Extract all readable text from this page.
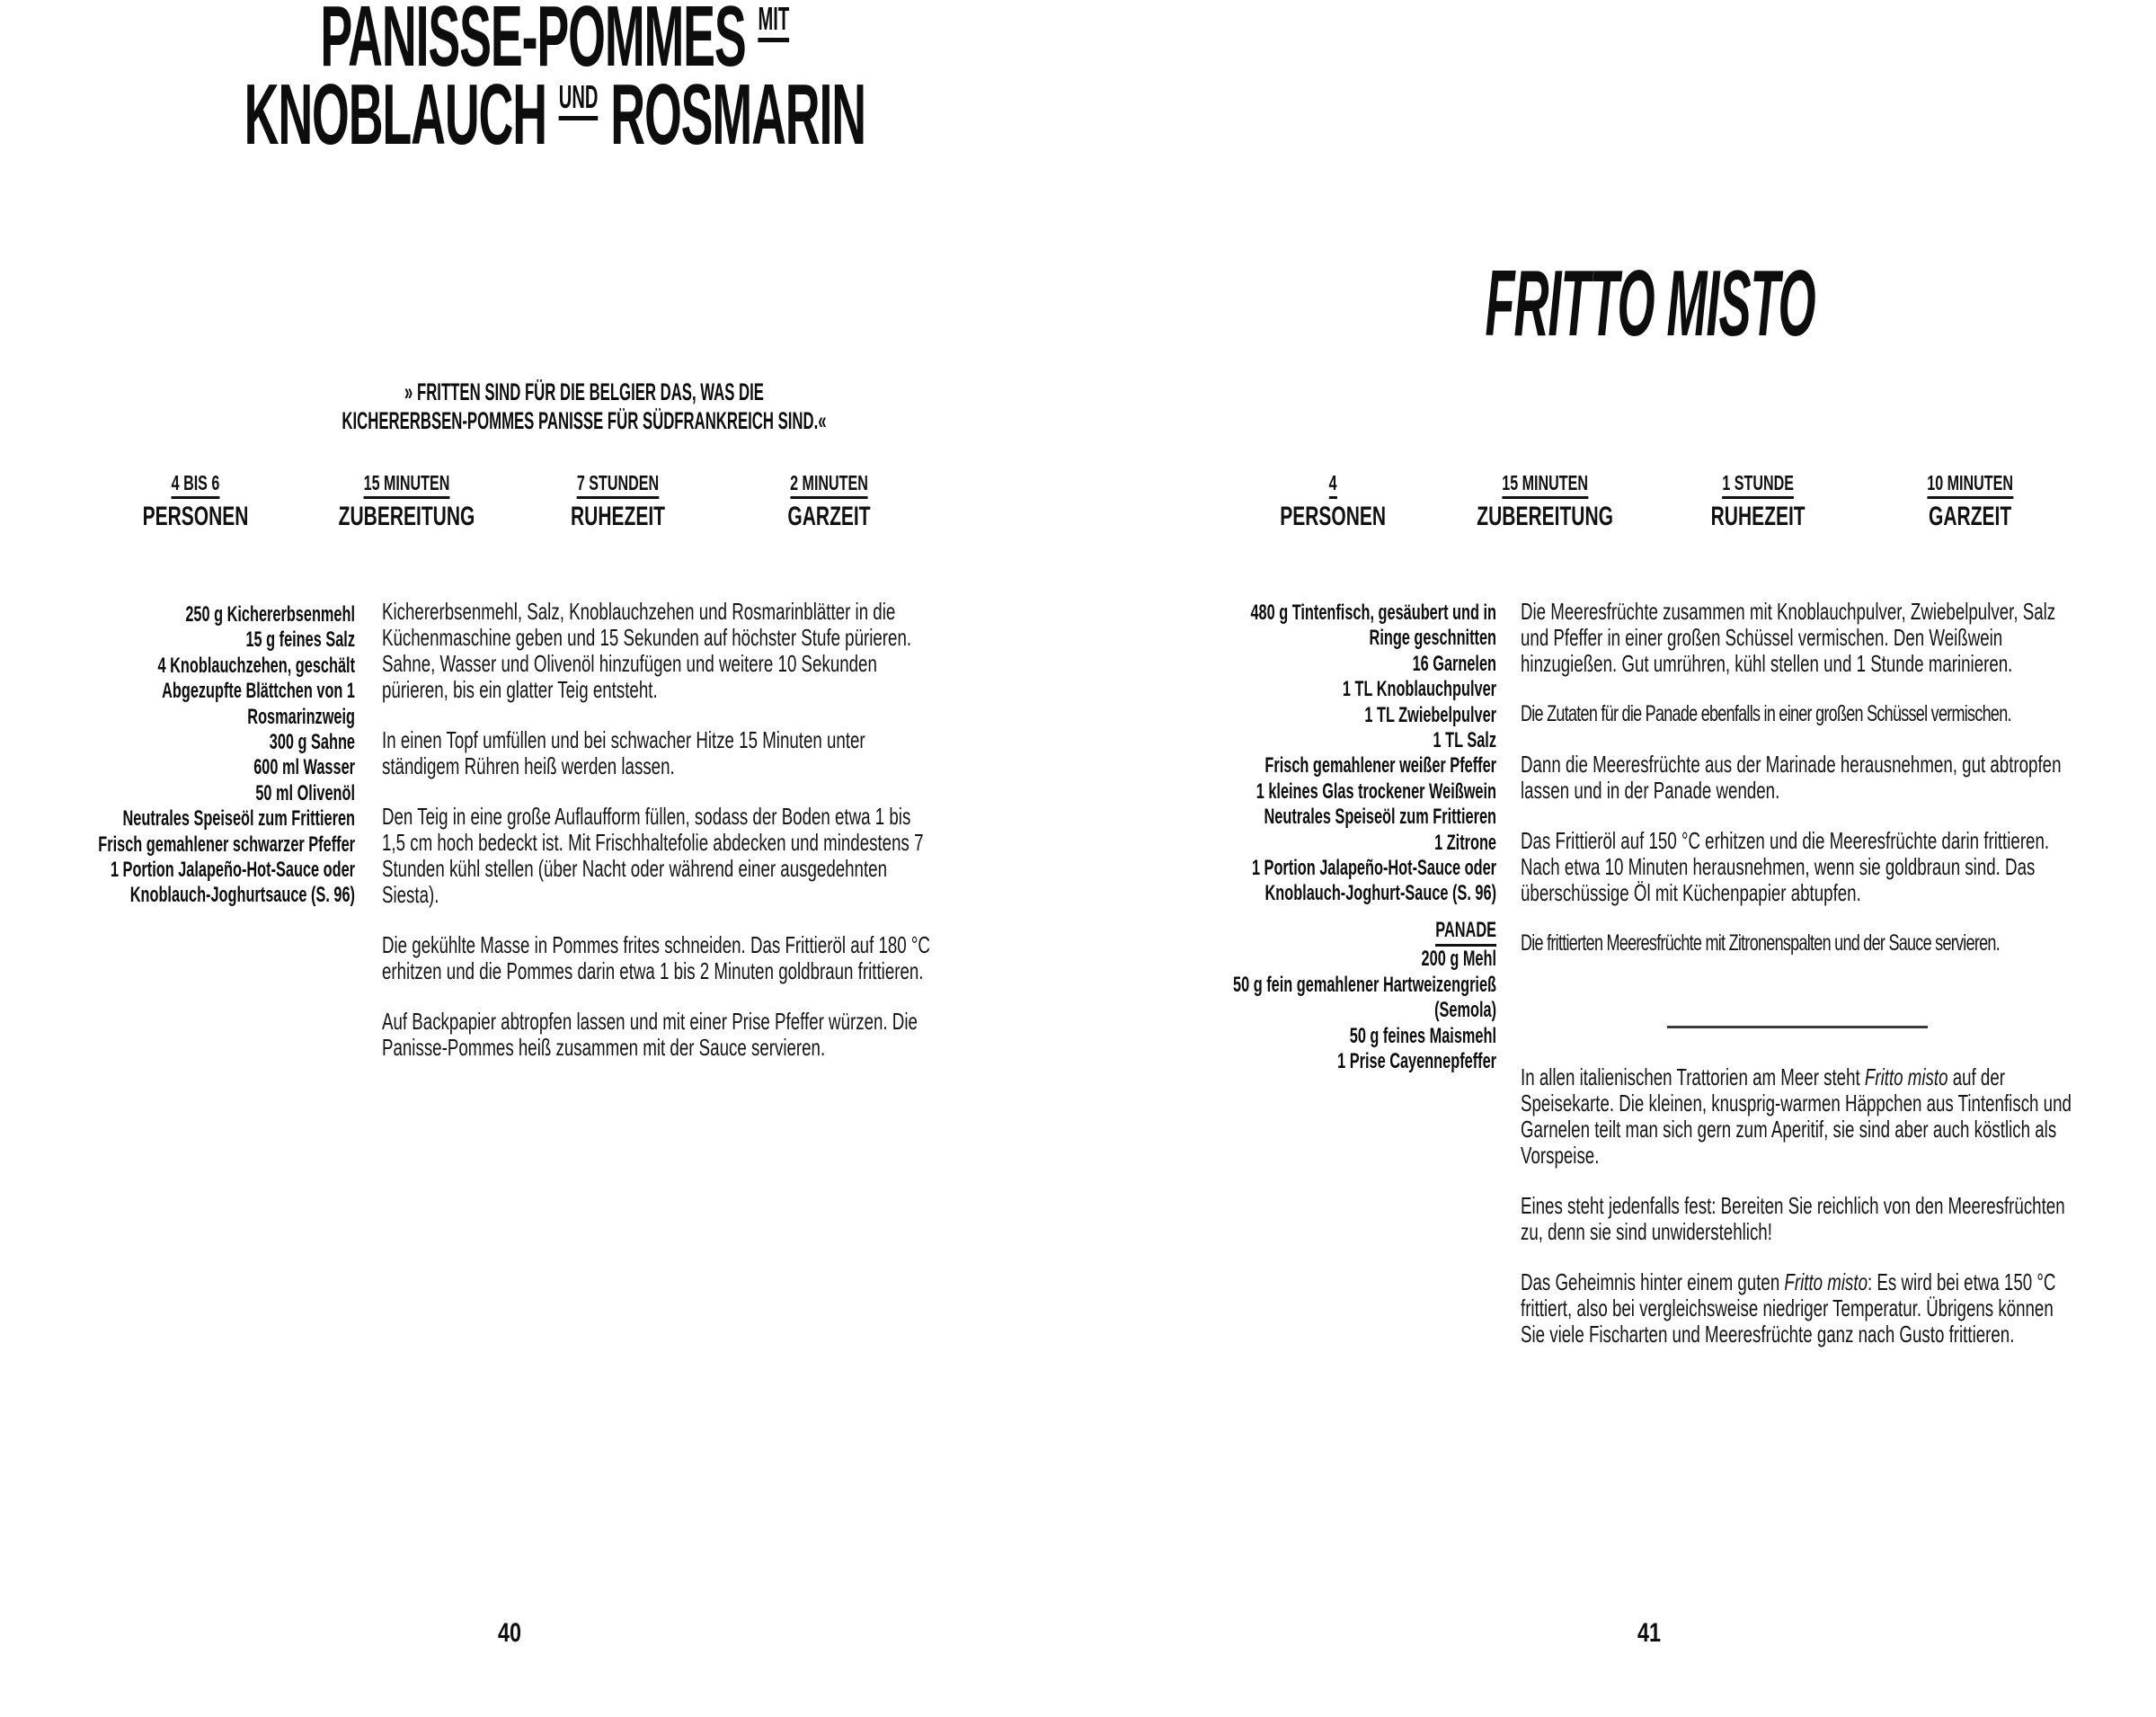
PANISSE-POMMES MIT
KNOBLAUCH UND ROSMARIN
» FRITTEN SIND FÜR DIE BELGIER DAS, WAS DIE
KICHERERBSEN-POMMES PANISSE FÜR SÜDFRANKREICH SIND.«
4 BIS 6
PERSONEN
15 MINUTEN
ZUBEREITUNG
7 STUNDEN
RUHEZEIT
2 MINUTEN
GARZEIT
250 g Kichererbsenmehl
15 g feines Salz
4 Knoblauchzehen, geschält
Abgezupfte Blättchen von 1 Rosmarinzweig
300 g Sahne
600 ml Wasser
50 ml Olivenöl
Neutrales Speiseöl zum Frittieren
Frisch gemahlener schwarzer Pfeffer
1 Portion Jalapeño-Hot-Sauce oder Knoblauch-Joghurtsauce (S. 96)

Kichererbsenmehl, Salz, Knoblauchzehen und Rosmarinblätter in die Küchenmaschine geben und 15 Sekunden auf höchster Stufe pürieren. Sahne, Wasser und Olivenöl hinzufügen und weitere 10 Sekunden pürieren, bis ein glatter Teig entsteht.

In einen Topf umfüllen und bei schwacher Hitze 15 Minuten unter ständigem Rühren heiß werden lassen.

Den Teig in eine große Auflaufform füllen, sodass der Boden etwa 1 bis 1,5 cm hoch bedeckt ist. Mit Frischhaltefolie abdecken und mindestens 7 Stunden kühl stellen (über Nacht oder während einer ausgedehnten Siesta).

Die gekühlte Masse in Pommes frites schneiden. Das Frittieröl auf 180 °C erhitzen und die Pommes darin etwa 1 bis 2 Minuten goldbraun frittieren.

Auf Backpapier abtropfen lassen und mit einer Prise Pfeffer würzen. Die Panisse-Pommes heiß zusammen mit der Sauce servieren.

40
FRITTO MISTO
4
PERSONEN
15 MINUTEN
ZUBEREITUNG
1 STUNDE
RUHEZEIT
10 MINUTEN
GARZEIT
480 g Tintenfisch, gesäubert und in Ringe geschnitten
16 Garnelen
1 TL Knoblauchpulver
1 TL Zwiebelpulver
1 TL Salz
Frisch gemahlener weißer Pfeffer
1 kleines Glas trockener Weißwein
Neutrales Speiseöl zum Frittieren
1 Zitrone
1 Portion Jalapeño-Hot-Sauce oder Knoblauch-Joghurt-Sauce (S. 96)
PANADE
200 g Mehl
50 g fein gemahlener Hartweizengrieß (Semola)
50 g feines Maismehl
1 Prise Cayennepfeffer

Die Meeresfrüchte zusammen mit Knoblauchpulver, Zwiebelpulver, Salz und Pfeffer in einer großen Schüssel vermischen. Den Weißwein hinzugießen. Gut umrühren, kühl stellen und 1 Stunde marinieren.

Die Zutaten für die Panade ebenfalls in einer großen Schüssel vermischen.

Dann die Meeresfrüchte aus der Marinade herausnehmen, gut abtropfen lassen und in der Panade wenden.

Das Frittieröl auf 150 °C erhitzen und die Meeresfrüchte darin frittieren. Nach etwa 10 Minuten herausnehmen, wenn sie goldbraun sind. Das überschüssige Öl mit Küchenpapier abtupfen.

Die frittierten Meeresfrüchte mit Zitronenspalten und der Sauce servieren.

In allen italienischen Trattorien am Meer steht Fritto misto auf der Speisekarte. Die kleinen, knusprig-warmen Häppchen aus Tintenfisch und Garnelen teilt man sich gern zum Aperitif, sie sind aber auch köstlich als Vorspeise.

Eines steht jedenfalls fest: Bereiten Sie reichlich von den Meeresfrüchten zu, denn sie sind unwiderstehlich!

Das Geheimnis hinter einem guten Fritto misto: Es wird bei etwa 150 °C frittiert, also bei vergleichsweise niedriger Temperatur. Übrigens können Sie viele Fischarten und Meeresfrüchte ganz nach Gusto frittieren.

41
